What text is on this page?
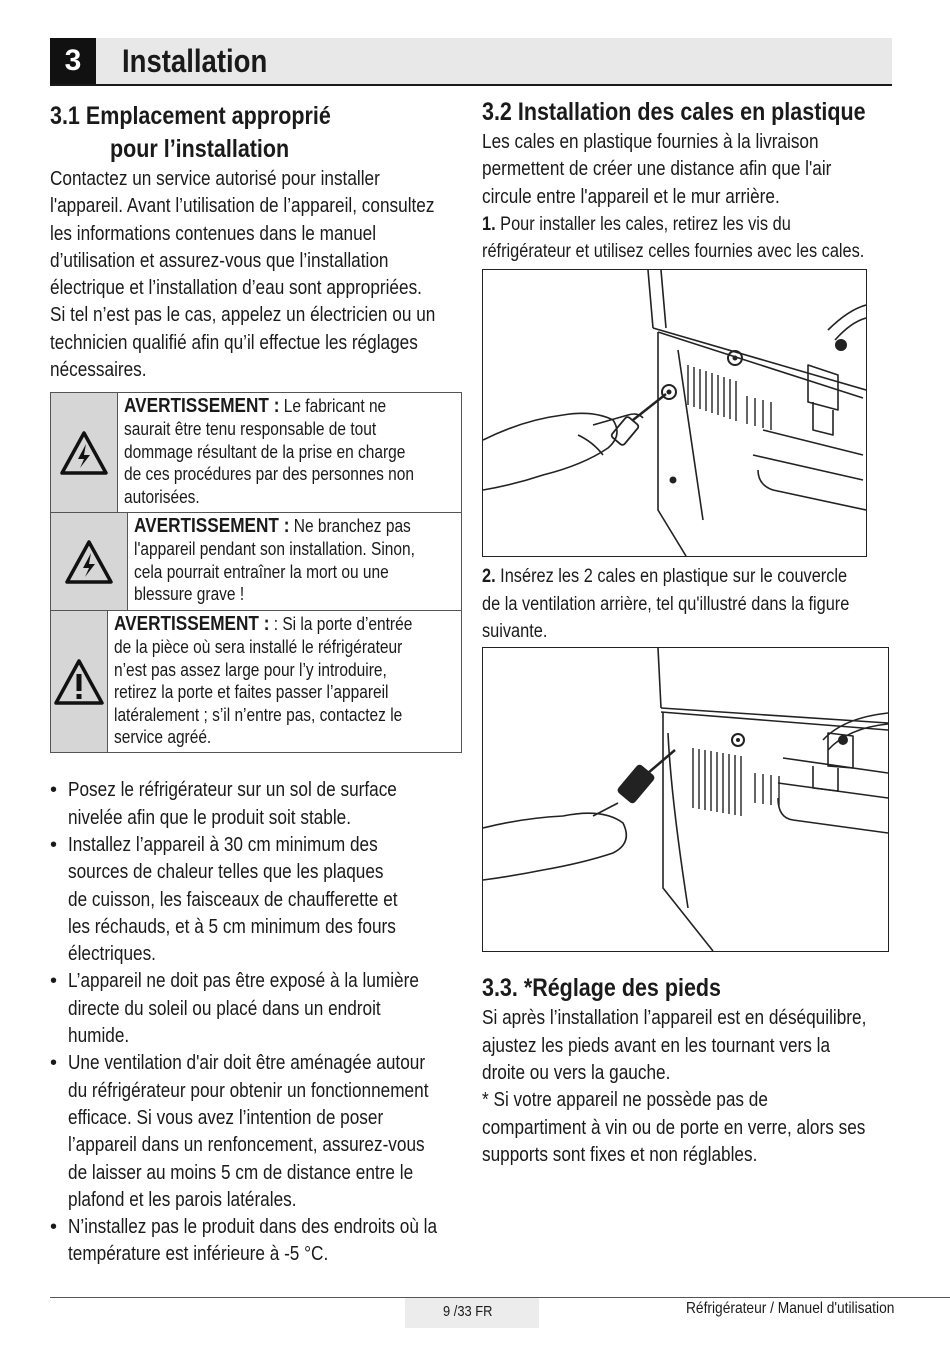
3	Installation
3.1 Emplacement approprié
pour l’installation
Contactez un service autorisé pour installer
l'appareil. Avant l’utilisation de l’appareil, consultez
les informations contenues dans le manuel
d’utilisation et assurez-vous que l’installation
électrique et l’installation d’eau sont appropriées.
Si tel n’est pas le cas, appelez un électricien ou un
technicien qualifié afin qu’il effectue les réglages
nécessaires.
AVERTISSEMENT : Le fabricant ne
saurait être tenu responsable de tout
dommage résultant de la prise en charge
de ces procédures par des personnes non
autorisées.
AVERTISSEMENT : Ne branchez pas
l'appareil pendant son installation. Sinon,
cela pourrait entraîner la mort ou une
blessure grave !
AVERTISSEMENT : : Si la porte d’entrée
de la pièce où sera installé le réfrigérateur
n’est pas assez large pour l’y introduire,
retirez la porte et faites passer l’appareil
latéralement ; s’il n’entre pas, contactez le
service agréé.
• Posez le réfrigérateur sur un sol de surface
nivelée afin que le produit soit stable.
• Installez l’appareil à 30 cm minimum des
sources de chaleur telles que les plaques
de cuisson, les faisceaux de chaufferette et
les réchauds, et à 5 cm minimum des fours
électriques.
• L’appareil ne doit pas être exposé à la lumière
directe du soleil ou placé dans un endroit
humide.
• Une ventilation d'air doit être aménagée autour
du réfrigérateur pour obtenir un fonctionnement
efficace. Si vous avez l’intention de poser
l’appareil dans un renfoncement, assurez-vous
de laisser au moins 5 cm de distance entre le
plafond et les parois latérales.
• N’installez pas le produit dans des endroits où la
température est inférieure à -5 °C.
3.2 Installation des cales en plastique
Les cales en plastique fournies à la livraison
permettent de créer une distance afin que l'air
circule entre l'appareil et le mur arrière.
1. Pour installer les cales, retirez les vis du
réfrigérateur et utilisez celles fournies avec les cales.
2. Insérez les 2 cales en plastique sur le couvercle
de la ventilation arrière, tel qu'illustré dans la figure
suivante.
3.3. *Réglage des pieds
Si après l’installation l’appareil est en déséquilibre,
ajustez les pieds avant en les tournant vers la
droite ou vers la gauche.
* Si votre appareil ne possède pas de
compartiment à vin ou de porte en verre, alors ses
supports sont fixes et non réglables.
9 /33 FR	Réfrigérateur / Manuel d'utilisation
